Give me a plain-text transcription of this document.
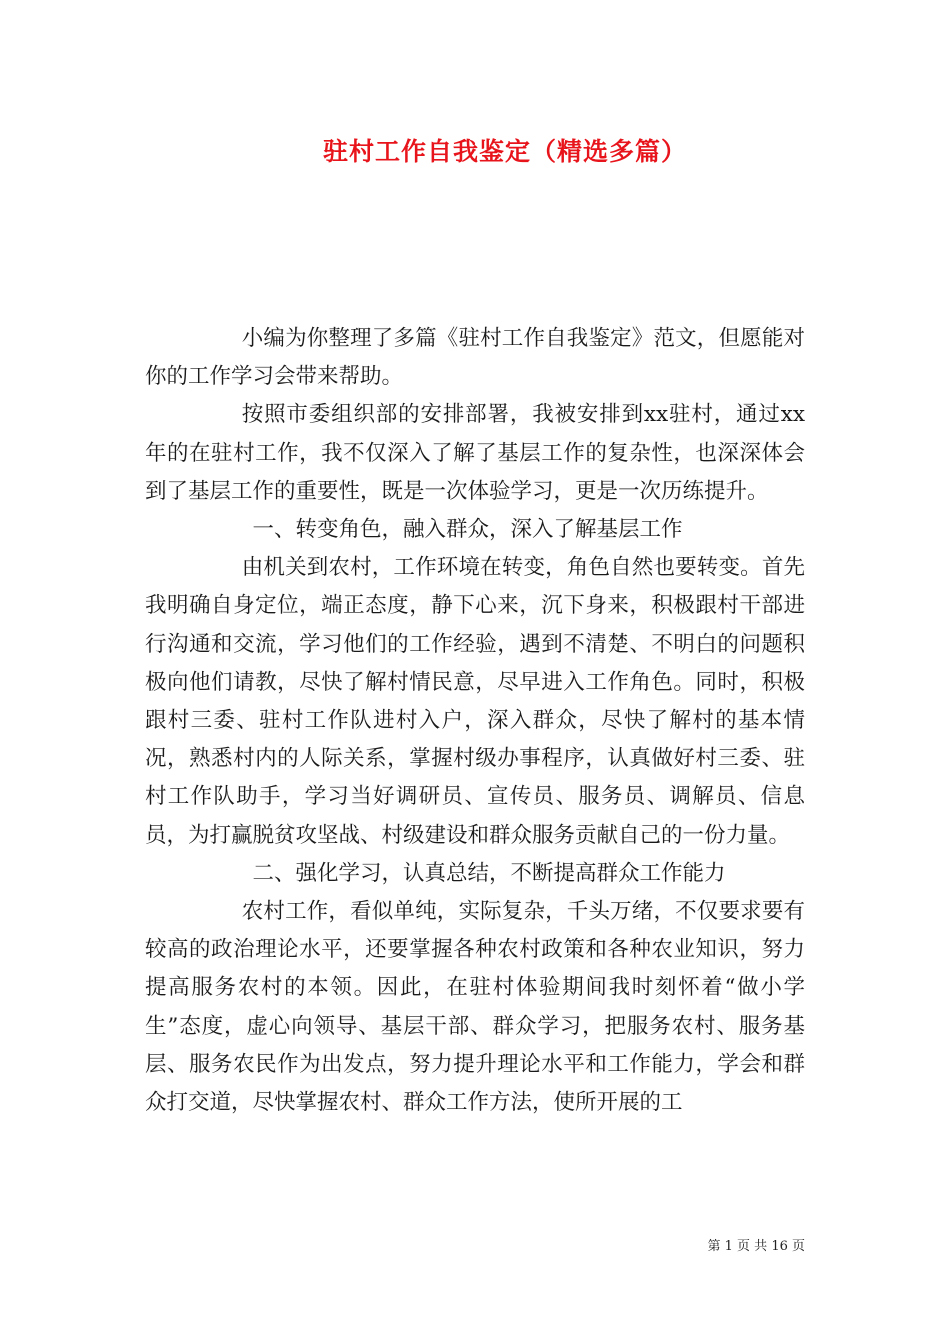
驻村工作自我鉴定（精选多篇）

小编为你整理了多篇《驻村工作自我鉴定》范文，但愿能对你的工作学习会带来帮助。

按照市委组织部的安排部署，我被安排到xx驻村，通过xx年的在驻村工作，我不仅深入了解了基层工作的复杂性，也深深体会到了基层工作的重要性，既是一次体验学习，更是一次历练提升。

一、转变角色，融入群众，深入了解基层工作

由机关到农村，工作环境在转变，角色自然也要转变。首先我明确自身定位，端正态度，静下心来，沉下身来，积极跟村干部进行沟通和交流，学习他们的工作经验，遇到不清楚、不明白的问题积极向他们请教，尽快了解村情民意，尽早进入工作角色。同时，积极跟村三委、驻村工作队进村入户，深入群众，尽快了解村的基本情况，熟悉村内的人际关系，掌握村级办事程序，认真做好村三委、驻村工作队助手，学习当好调研员、宣传员、服务员、调解员、信息员，为打赢脱贫攻坚战、村级建设和群众服务贡献自己的一份力量。

二、强化学习，认真总结，不断提高群众工作能力

农村工作，看似单纯，实际复杂，千头万绪，不仅要求要有较高的政治理论水平，还要掌握各种农村政策和各种农业知识，努力提高服务农村的本领。因此，在驻村体验期间我时刻怀着“做小学生”态度，虚心向领导、基层干部、群众学习，把服务农村、服务基层、服务农民作为出发点，努力提升理论水平和工作能力，学会和群众打交道，尽快掌握农村、群众工作方法，使所开展的工

第 1 页 共 16 页
